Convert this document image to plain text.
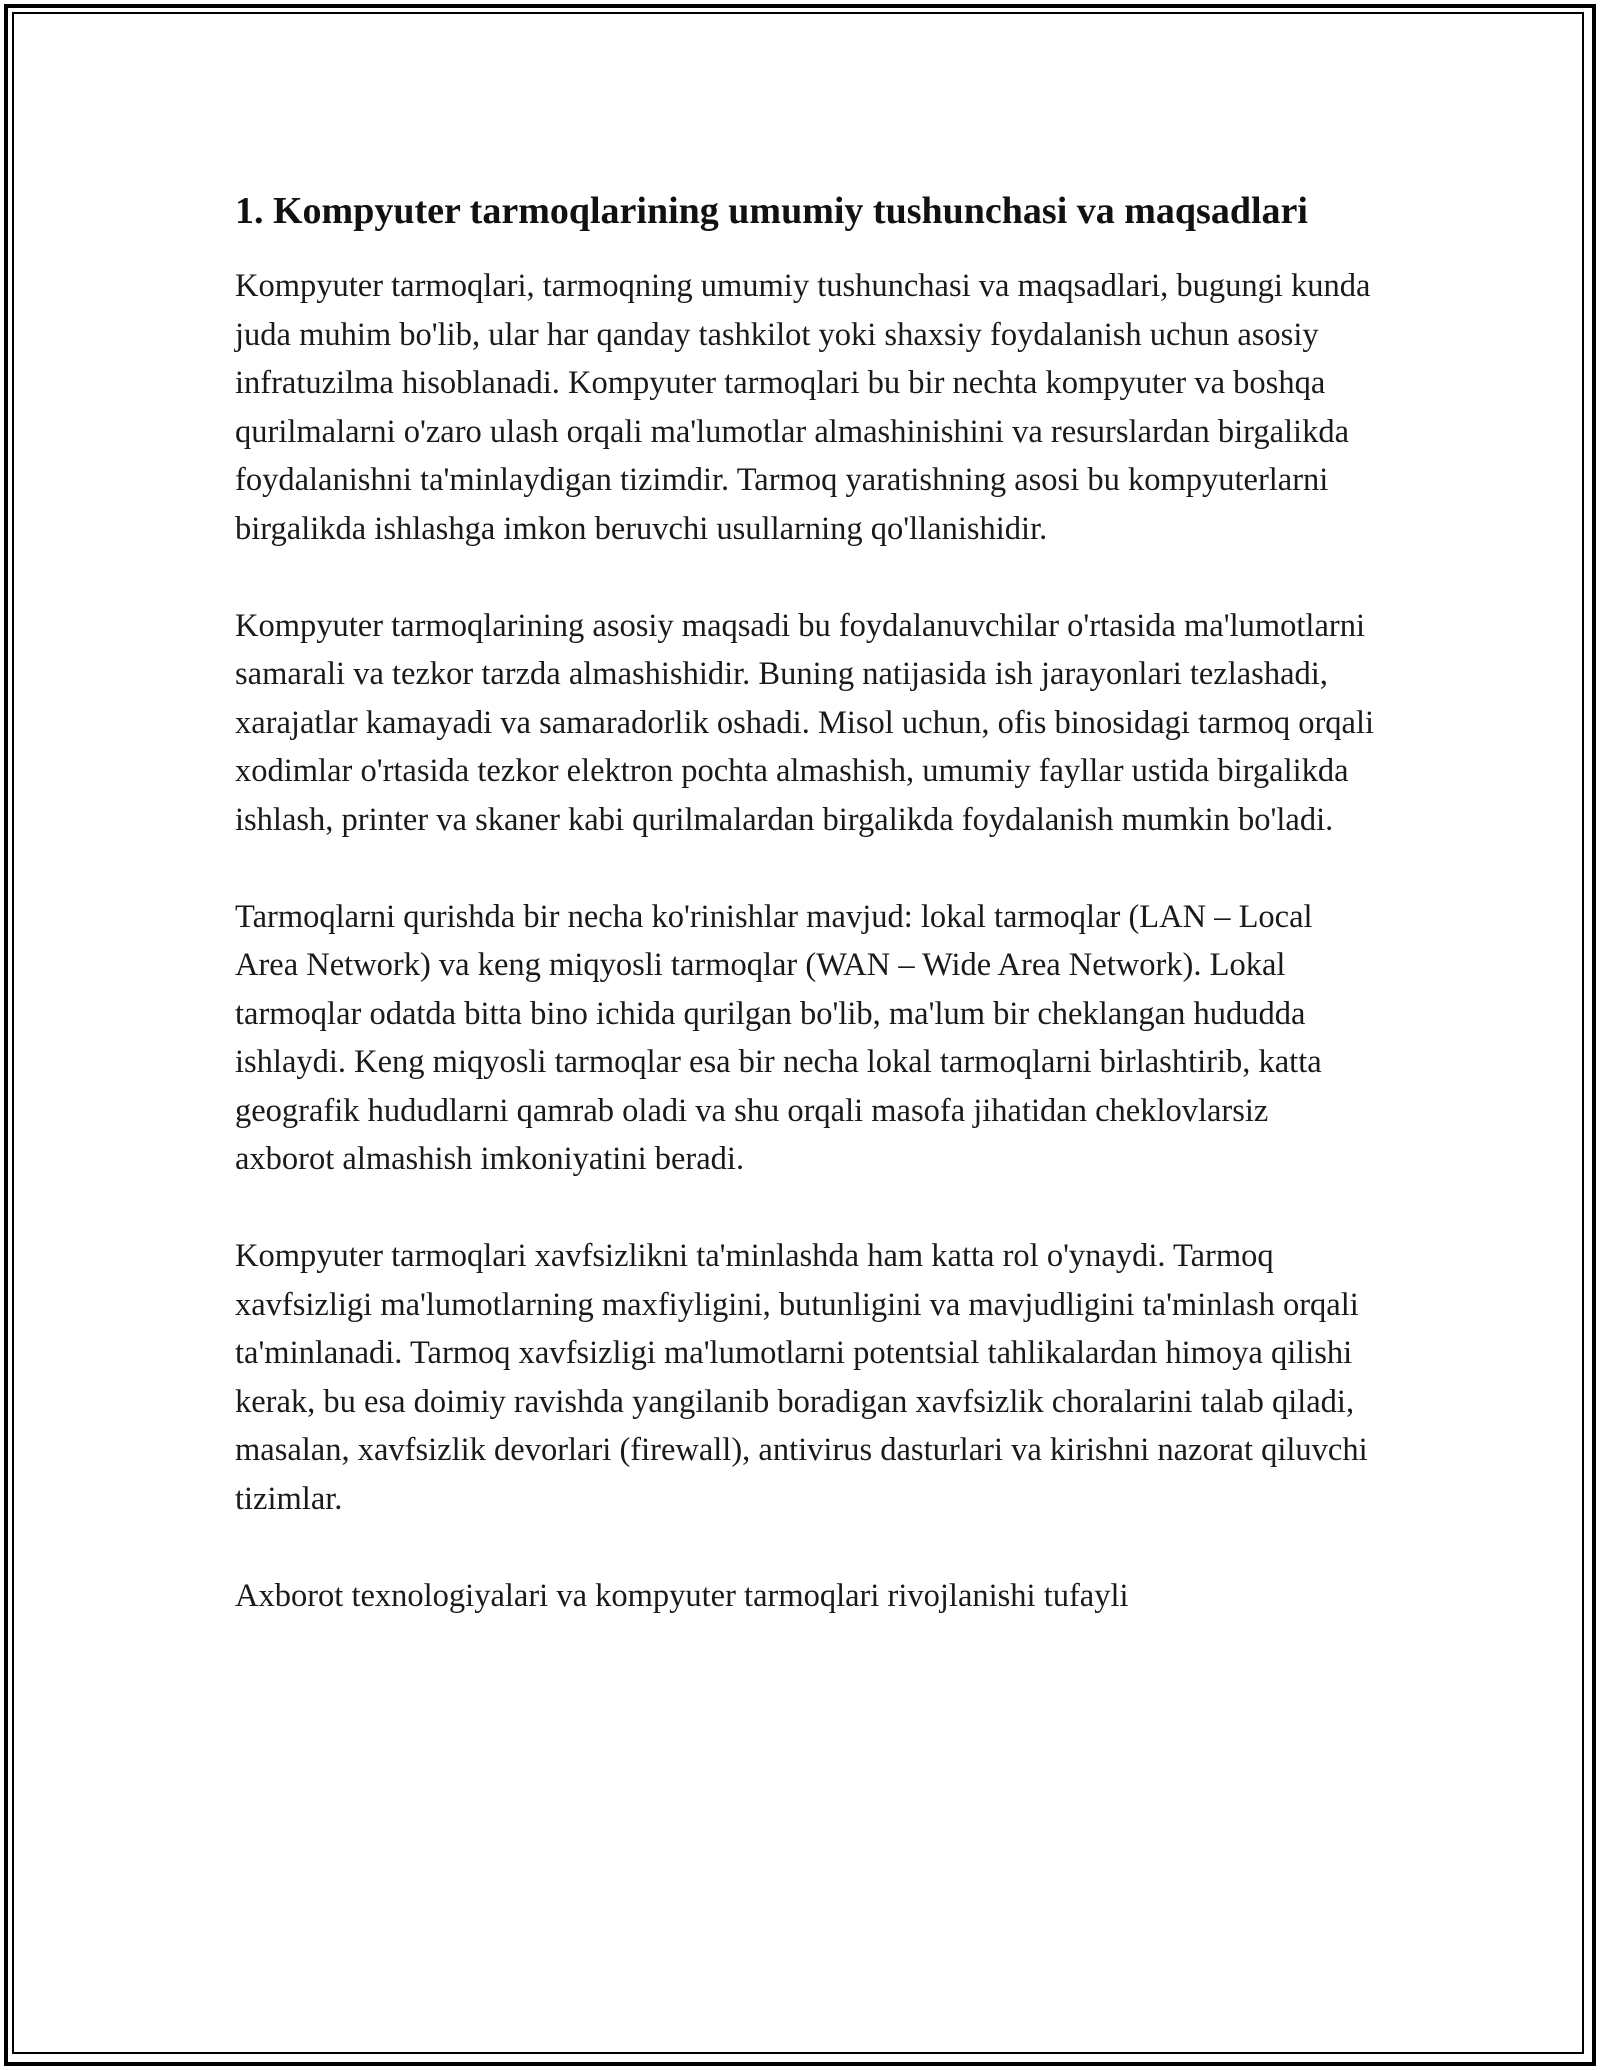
1. Kompyuter tarmoqlarining umumiy tushunchasi va maqsadlari

Kompyuter tarmoqlari, tarmoqning umumiy tushunchasi va maqsadlari, bugungi kunda juda muhim bo'lib, ular har qanday tashkilot yoki shaxsiy foydalanish uchun asosiy infratuzilma hisoblanadi. Kompyuter tarmoqlari bu bir nechta kompyuter va boshqa qurilmalarni o'zaro ulash orqali ma'lumotlar almashinishini va resurslardan birgalikda foydalanishni ta'minlaydigan tizimdir. Tarmoq yaratishning asosi bu kompyuterlarni birgalikda ishlashga imkon beruvchi usullarning qo'llanishidir.

Kompyuter tarmoqlarining asosiy maqsadi bu foydalanuvchilar o'rtasida ma'lumotlarni samarali va tezkor tarzda almashishidir. Buning natijasida ish jarayonlari tezlashadi, xarajatlar kamayadi va samaradorlik oshadi. Misol uchun, ofis binosidagi tarmoq orqali xodimlar o'rtasida tezkor elektron pochta almashish, umumiy fayllar ustida birgalikda ishlash, printer va skaner kabi qurilmalardan birgalikda foydalanish mumkin bo'ladi.

Tarmoqlarni qurishda bir necha ko'rinishlar mavjud: lokal tarmoqlar (LAN – Local Area Network) va keng miqyosli tarmoqlar (WAN – Wide Area Network). Lokal tarmoqlar odatda bitta bino ichida qurilgan bo'lib, ma'lum bir cheklangan hududda ishlaydi. Keng miqyosli tarmoqlar esa bir necha lokal tarmoqlarni birlashtirib, katta geografik hududlarni qamrab oladi va shu orqali masofa jihatidan cheklovlarsiz axborot almashish imkoniyatini beradi.

Kompyuter tarmoqlari xavfsizlikni ta'minlashda ham katta rol o'ynaydi. Tarmoq xavfsizligi ma'lumotlarning maxfiyligini, butunligini va mavjudligini ta'minlash orqali ta'minlanadi. Tarmoq xavfsizligi ma'lumotlarni potentsial tahlikalardan himoya qilishi kerak, bu esa doimiy ravishda yangilanib boradigan xavfsizlik choralarini talab qiladi, masalan, xavfsizlik devorlari (firewall), antivirus dasturlari va kirishni nazorat qiluvchi tizimlar.

Axborot texnologiyalari va kompyuter tarmoqlari rivojlanishi tufayli
